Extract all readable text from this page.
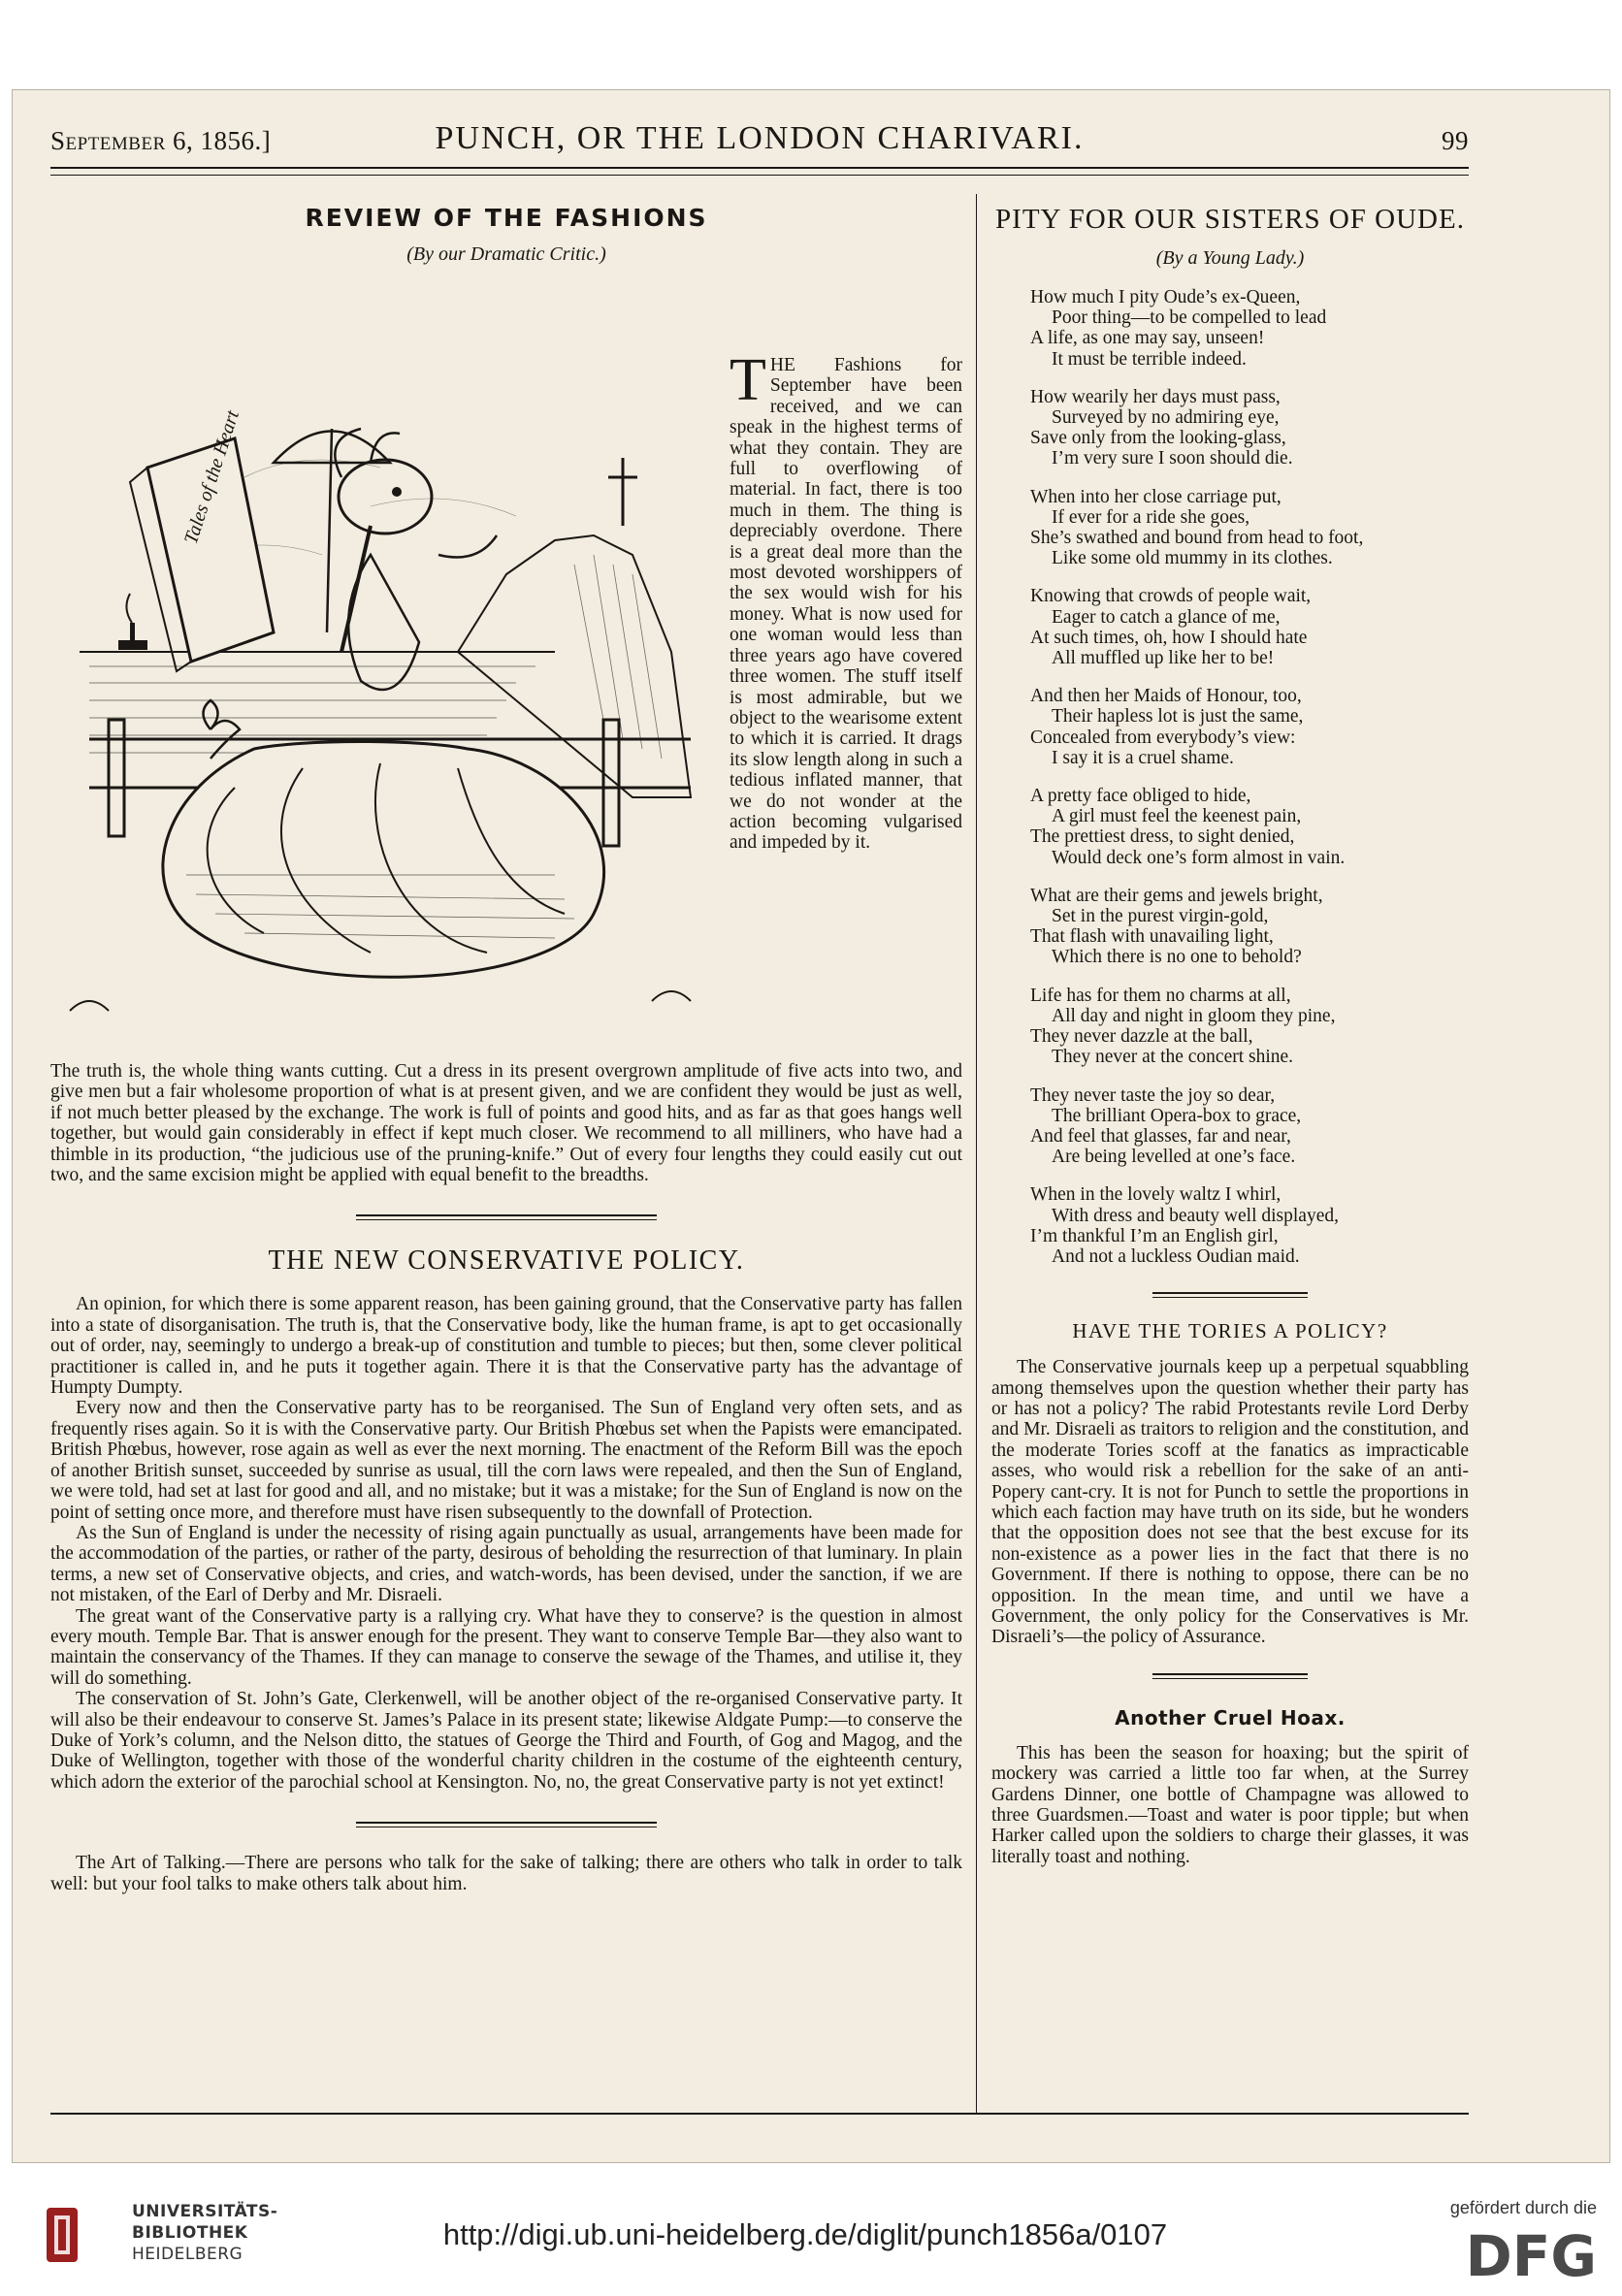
September 6, 1856.]	PUNCH, OR THE LONDON CHARIVARI.	99
REVIEW OF THE FASHIONS
(By our Dramatic Critic.)
Tales of the Heart
THE Fashions for September have been received, and we can speak in the highest terms of what they contain. They are full to overflowing of material. In fact, there is too much in them. The thing is depreciably overdone. There is a great deal more than the most devoted worshippers of the sex would wish for his money. What is now used for one woman would less than three years ago have covered three women. The stuff itself is most admirable, but we object to the wearisome extent to which it is carried. It drags its slow length along in such a tedious inflated manner, that we do not wonder at the action becoming vulgarised and impeded by it.

The truth is, the whole thing wants cutting. Cut a dress in its present overgrown amplitude of five acts into two, and give men but a fair wholesome proportion of what is at present given, and we are confident they would be just as well, if not much better pleased by the exchange. The work is full of points and good hits, and as far as that goes hangs well together, but would gain considerably in effect if kept much closer. We recommend to all milliners, who have had a thimble in its production, “the judicious use of the pruning-knife.” Out of every four lengths they could easily cut out two, and the same excision might be applied with equal benefit to the breadths.

THE NEW CONSERVATIVE POLICY.

An opinion, for which there is some apparent reason, has been gaining ground, that the Conservative party has fallen into a state of disorganisation. The truth is, that the Conservative body, like the human frame, is apt to get occasionally out of order, nay, seemingly to undergo a break-up of constitution and tumble to pieces; but then, some clever political practitioner is called in, and he puts it together again. There it is that the Conservative party has the advantage of Humpty Dumpty.

Every now and then the Conservative party has to be reorganised. The Sun of England very often sets, and as frequently rises again. So it is with the Conservative party. Our British Phœbus set when the Papists were emancipated. British Phœbus, however, rose again as well as ever the next morning. The enactment of the Reform Bill was the epoch of another British sunset, succeeded by sunrise as usual, till the corn laws were repealed, and then the Sun of England, we were told, had set at last for good and all, and no mistake; but it was a mistake; for the Sun of England is now on the point of setting once more, and therefore must have risen subsequently to the downfall of Protection.

As the Sun of England is under the necessity of rising again punctually as usual, arrangements have been made for the accommodation of the parties, or rather of the party, desirous of beholding the resurrection of that luminary. In plain terms, a new set of Conservative objects, and cries, and watch-words, has been devised, under the sanction, if we are not mistaken, of the Earl of Derby and Mr. Disraeli.

The great want of the Conservative party is a rallying cry. What have they to conserve? is the question in almost every mouth. Temple Bar. That is answer enough for the present. They want to conserve Temple Bar—they also want to maintain the conservancy of the Thames. If they can manage to conserve the sewage of the Thames, and utilise it, they will do something.

The conservation of St. John’s Gate, Clerkenwell, will be another object of the re-organised Conservative party. It will also be their endeavour to conserve St. James’s Palace in its present state; likewise Aldgate Pump:—to conserve the Duke of York’s column, and the Nelson ditto, the statues of George the Third and Fourth, of Gog and Magog, and the Duke of Wellington, together with those of the wonderful charity children in the costume of the eighteenth century, which adorn the exterior of the parochial school at Kensington. No, no, the great Conservative party is not yet extinct!

The Art of Talking.—There are persons who talk for the sake of talking; there are others who talk in order to talk well: but your fool talks to make others talk about him.

PITY FOR OUR SISTERS OF OUDE.
(By a Young Lady.)
How much I pity Oude’s ex-Queen,
Poor thing—to be compelled to lead
A life, as one may say, unseen!
It must be terrible indeed.
How wearily her days must pass,
Surveyed by no admiring eye,
Save only from the looking-glass,
I’m very sure I soon should die.
When into her close carriage put,
If ever for a ride she goes,
She’s swathed and bound from head to foot,
Like some old mummy in its clothes.
Knowing that crowds of people wait,
Eager to catch a glance of me,
At such times, oh, how I should hate
All muffled up like her to be!
And then her Maids of Honour, too,
Their hapless lot is just the same,
Concealed from everybody’s view:
I say it is a cruel shame.
A pretty face obliged to hide,
A girl must feel the keenest pain,
The prettiest dress, to sight denied,
Would deck one’s form almost in vain.
What are their gems and jewels bright,
Set in the purest virgin-gold,
That flash with unavailing light,
Which there is no one to behold?
Life has for them no charms at all,
All day and night in gloom they pine,
They never dazzle at the ball,
They never at the concert shine.
They never taste the joy so dear,
The brilliant Opera-box to grace,
And feel that glasses, far and near,
Are being levelled at one’s face.
When in the lovely waltz I whirl,
With dress and beauty well displayed,
I’m thankful I’m an English girl,
And not a luckless Oudian maid.
HAVE THE TORIES A POLICY?

The Conservative journals keep up a perpetual squabbling among themselves upon the question whether their party has or has not a policy? The rabid Protestants revile Lord Derby and Mr. Disraeli as traitors to religion and the constitution, and the moderate Tories scoff at the fanatics as impracticable asses, who would risk a rebellion for the sake of an anti-Popery cant-cry. It is not for Punch to settle the proportions in which each faction may have truth on its side, but he wonders that the opposition does not see that the best excuse for its non-existence as a power lies in the fact that there is no Government. If there is nothing to oppose, there can be no opposition. In the mean time, and until we have a Government, the only policy for the Conservatives is Mr. Disraeli’s—the policy of Assurance.

Another Cruel Hoax.

This has been the season for hoaxing; but the spirit of mockery was carried a little too far when, at the Surrey Gardens Dinner, one bottle of Champagne was allowed to three Guardsmen.—Toast and water is poor tipple; but when Harker called upon the soldiers to charge their glasses, it was literally toast and nothing.

UNIVERSITÄTS-
BIBLIOTHEK
HEIDELBERG
http://digi.ub.uni-heidelberg.de/diglit/punch1856a/0107
gefördert durch die
DFG
